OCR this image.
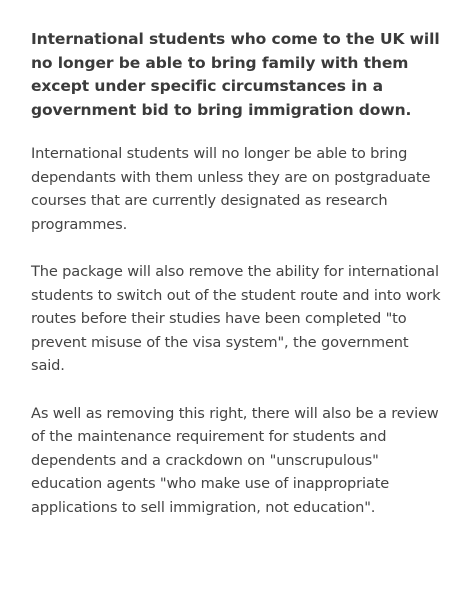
International students who come to the UK will no longer be able to bring family with them except under specific circumstances in a government bid to bring immigration down.

International students will no longer be able to bring dependants with them unless they are on postgraduate courses that are currently designated as research programmes.

The package will also remove the ability for international students to switch out of the student route and into work routes before their studies have been completed "to prevent misuse of the visa system", the government said.

As well as removing this right, there will also be a review of the maintenance requirement for students and dependents and a crackdown on "unscrupulous" education agents "who make use of inappropriate applications to sell immigration, not education".
